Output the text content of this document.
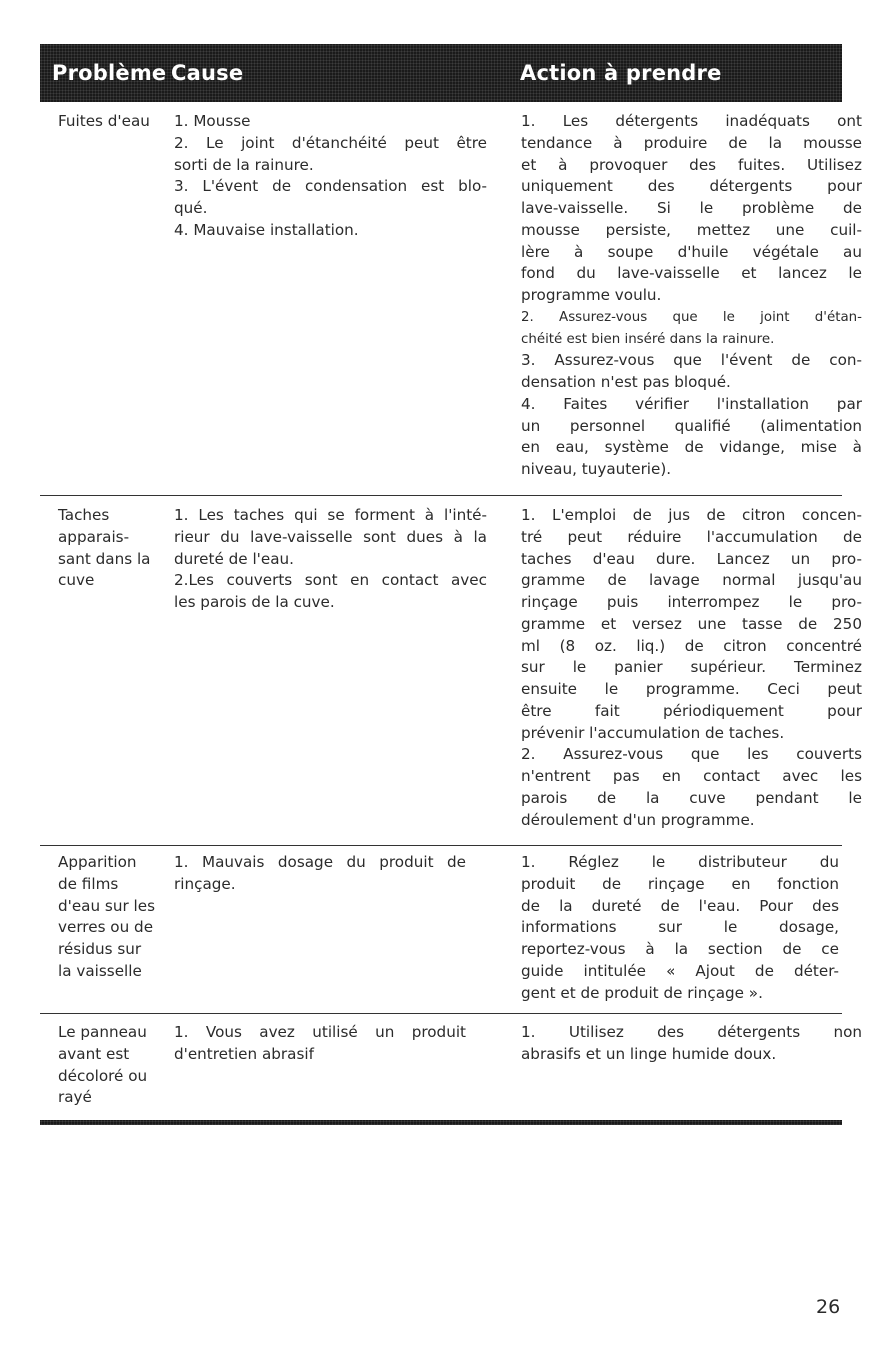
Problème Cause	Action à prendre
Fuites d'eau 1. Mousse
2. Le joint d'étanchéité peut être
sorti de la rainure.
3. L'évent de condensation est blo-
qué.
4. Mauvaise installation.
1. Les détergents inadéquats ont
tendance à produire de la mousse
et à provoquer des fuites. Utilisez
uniquement des détergents pour
lave-vaisselle. Si le problème de
mousse persiste, mettez une cuil-
lère à soupe d'huile végétale au
fond du lave-vaisselle et lancez le
programme voulu.
2. Assurez-vous que le joint d'étan-
chéité est bien inséré dans la rainure.
3. Assurez-vous que l'évent de con-
densation n'est pas bloqué.
4. Faites vérifier l'installation par
un personnel qualifié (alimentation
en eau, système de vidange, mise à
niveau, tuyauterie).
Taches
apparais-
sant dans la
cuve
1. Les taches qui se forment à l'inté-
rieur du lave-vaisselle sont dues à la
dureté de l'eau.
2.Les couverts sont en contact avec
les parois de la cuve.
1. L'emploi de jus de citron concen-
tré peut réduire l'accumulation de
taches d'eau dure. Lancez un pro-
gramme de lavage normal jusqu'au
rinçage puis interrompez le pro-
gramme et versez une tasse de 250
ml (8 oz. liq.) de citron concentré
sur le panier supérieur. Terminez
ensuite le programme. Ceci peut
être fait périodiquement pour
prévenir l'accumulation de taches.
2. Assurez-vous que les couverts
n'entrent pas en contact avec les
parois de la cuve pendant le
déroulement d'un programme.
Apparition
de films
d'eau sur les
verres ou de
résidus sur
la vaisselle
1. Mauvais dosage du produit de
rinçage.
1. Réglez le distributeur du
produit de rinçage en fonction
de la dureté de l'eau. Pour des
informations sur le dosage,
reportez-vous à la section de ce
guide intitulée « Ajout de déter-
gent et de produit de rinçage ».
Le panneau
avant est
décoloré ou
rayé
1. Vous avez utilisé un produit
d'entretien abrasif
1. Utilisez des détergents non
abrasifs et un linge humide doux.
26
